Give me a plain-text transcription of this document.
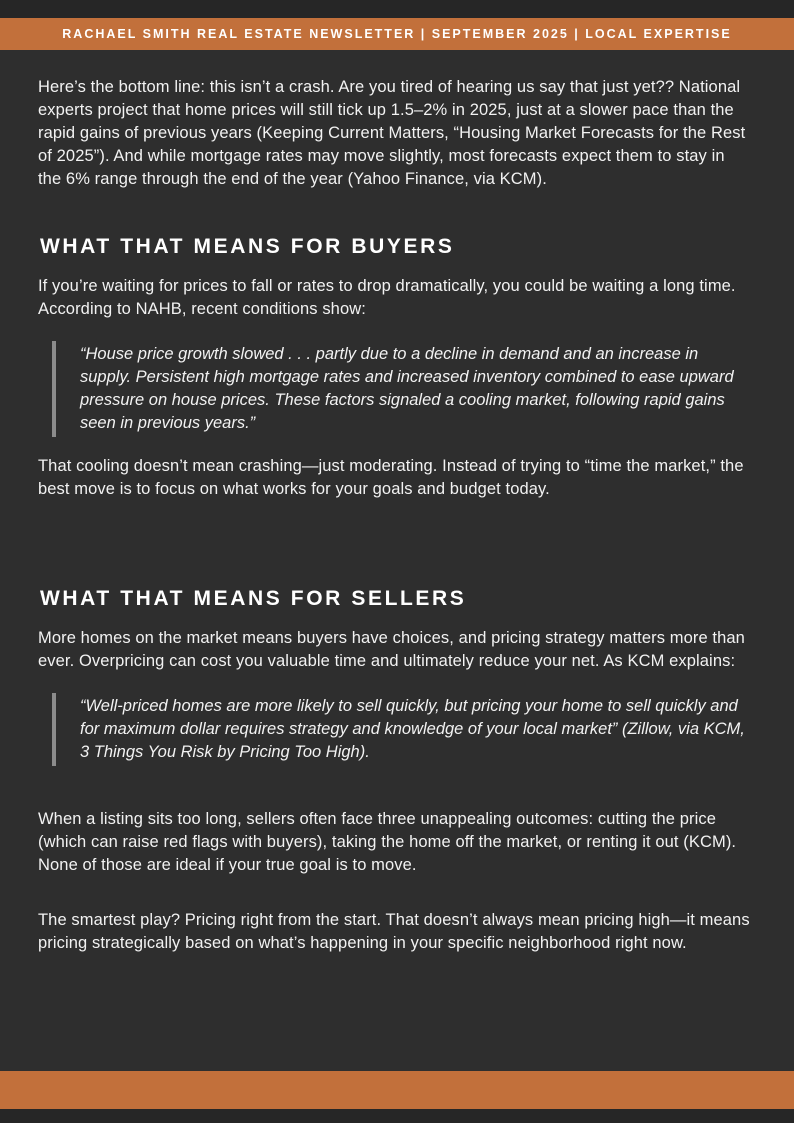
RACHAEL SMITH REAL ESTATE NEWSLETTER | SEPTEMBER 2025 | LOCAL EXPERTISE

Here’s the bottom line: this isn’t a crash. Are you tired of hearing us say that just yet?? National experts project that home prices will still tick up 1.5–2% in 2025, just at a slower pace than the rapid gains of previous years (Keeping Current Matters, “Housing Market Forecasts for the Rest of 2025”). And while mortgage rates may move slightly, most forecasts expect them to stay in the 6% range through the end of the year (Yahoo Finance, via KCM).

WHAT THAT MEANS FOR BUYERS

If you’re waiting for prices to fall or rates to drop dramatically, you could be waiting a long time. According to NAHB, recent conditions show:

“House price growth slowed . . . partly due to a decline in demand and an increase in supply. Persistent high mortgage rates and increased inventory combined to ease upward pressure on house prices. These factors signaled a cooling market, following rapid gains seen in previous years.”

That cooling doesn’t mean crashing—just moderating. Instead of trying to “time the market,” the best move is to focus on what works for your goals and budget today.

WHAT THAT MEANS FOR SELLERS

More homes on the market means buyers have choices, and pricing strategy matters more than ever. Overpricing can cost you valuable time and ultimately reduce your net. As KCM explains:

“Well-priced homes are more likely to sell quickly, but pricing your home to sell quickly and for maximum dollar requires strategy and knowledge of your local market” (Zillow, via KCM, 3 Things You Risk by Pricing Too High).

When a listing sits too long, sellers often face three unappealing outcomes: cutting the price (which can raise red flags with buyers), taking the home off the market, or renting it out (KCM). None of those are ideal if your true goal is to move.

The smartest play? Pricing right from the start. That doesn’t always mean pricing high—it means pricing strategically based on what’s happening in your specific neighborhood right now.
